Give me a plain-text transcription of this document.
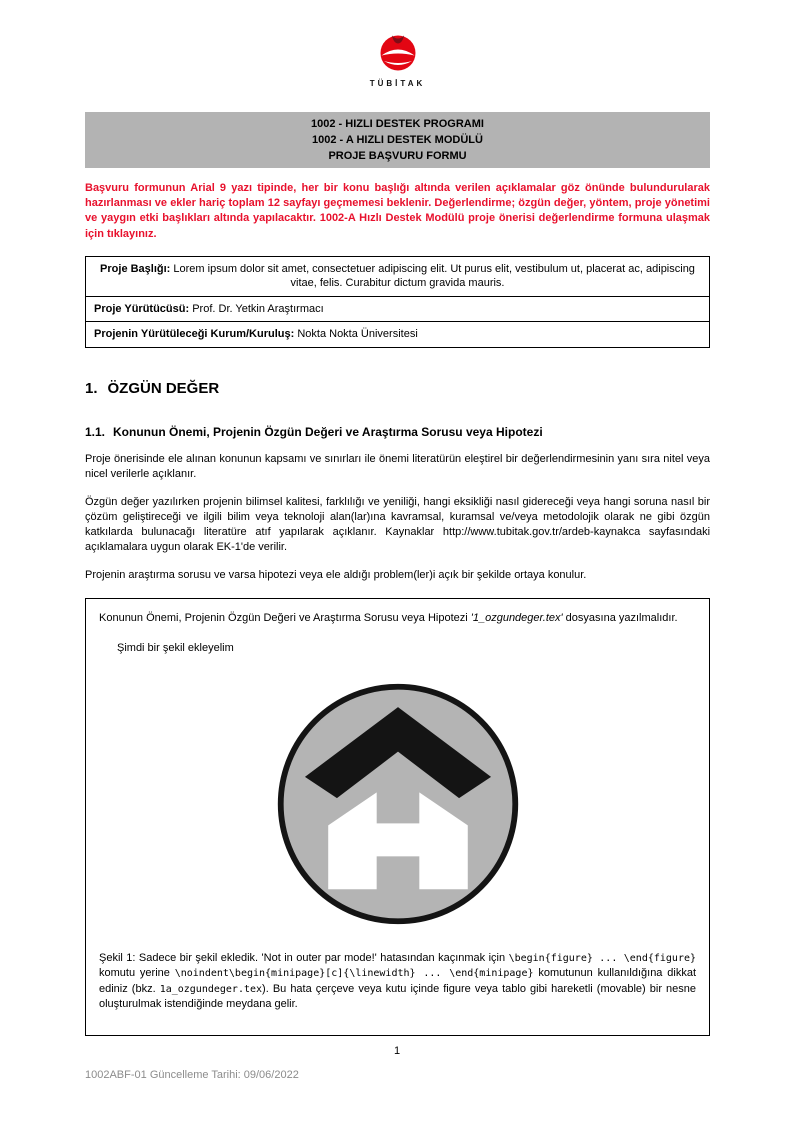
TÜBİTAK
1002 - HIZLI DESTEK PROGRAMI
1002 - A HIZLI DESTEK MODÜLÜ
PROJE BAŞVURU FORMU

Başvuru formunun Arial 9 yazı tipinde, her bir konu başlığı altında verilen açıklamalar göz önünde bulundurularak hazırlanması ve ekler hariç toplam 12 sayfayı geçmemesi beklenir. Değerlendirme; özgün değer, yöntem, proje yönetimi ve yaygın etki başlıkları altında yapılacaktır. 1002-A Hızlı Destek Modülü proje önerisi değerlendirme formuna ulaşmak için tıklayınız.

Proje Başlığı: Lorem ipsum dolor sit amet, consectetuer adipiscing elit. Ut purus elit, vestibulum ut, placerat ac, adipiscing vitae, felis. Curabitur dictum gravida mauris.
Proje Yürütücüsü: Prof. Dr. Yetkin Araştırmacı
Projenin Yürütüleceği Kurum/Kuruluş: Nokta Nokta Üniversitesi
1. ÖZGÜN DEĞER
1.1. Konunun Önemi, Projenin Özgün Değeri ve Araştırma Sorusu veya Hipotezi

Proje önerisinde ele alınan konunun kapsamı ve sınırları ile önemi literatürün eleştirel bir değerlendirmesinin yanı sıra nitel veya nicel verilerle açıklanır.

Özgün değer yazılırken projenin bilimsel kalitesi, farklılığı ve yeniliği, hangi eksikliği nasıl gidereceği veya hangi soruna nasıl bir çözüm geliştireceği ve ilgili bilim veya teknoloji alan(lar)ına kavramsal, kuramsal ve/veya metodolojik olarak ne gibi özgün katkılarda bulunacağı literatüre atıf yapılarak açıklanır. Kaynaklar http://www.tubitak.gov.tr/ardeb-kaynakca sayfasındaki açıklamalara uygun olarak EK-1'de verilir.

Projenin araştırma sorusu ve varsa hipotezi veya ele aldığı problem(ler)i açık bir şekilde ortaya konulur.

Konunun Önemi, Projenin Özgün Değeri ve Araştırma Sorusu veya Hipotezi '1_ozgundeger.tex' dosyasına yazılmalıdır.

Şimdi bir şekil ekleyelim

Şekil 1: Sadece bir şekil ekledik. 'Not in outer par mode!' hatasından kaçınmak için \begin{figure} ... \end{figure} komutu yerine \noindent\begin{minipage}[c]{\linewidth} ... \end{minipage} komutunun kullanıldığına dikkat ediniz (bkz. 1a_ozgundeger.tex). Bu hata çerçeve veya kutu içinde figure veya tablo gibi hareketli (movable) bir nesne oluşturulmak istendiğinde meydana gelir.

1
1002ABF-01 Güncelleme Tarihi: 09/06/2022
